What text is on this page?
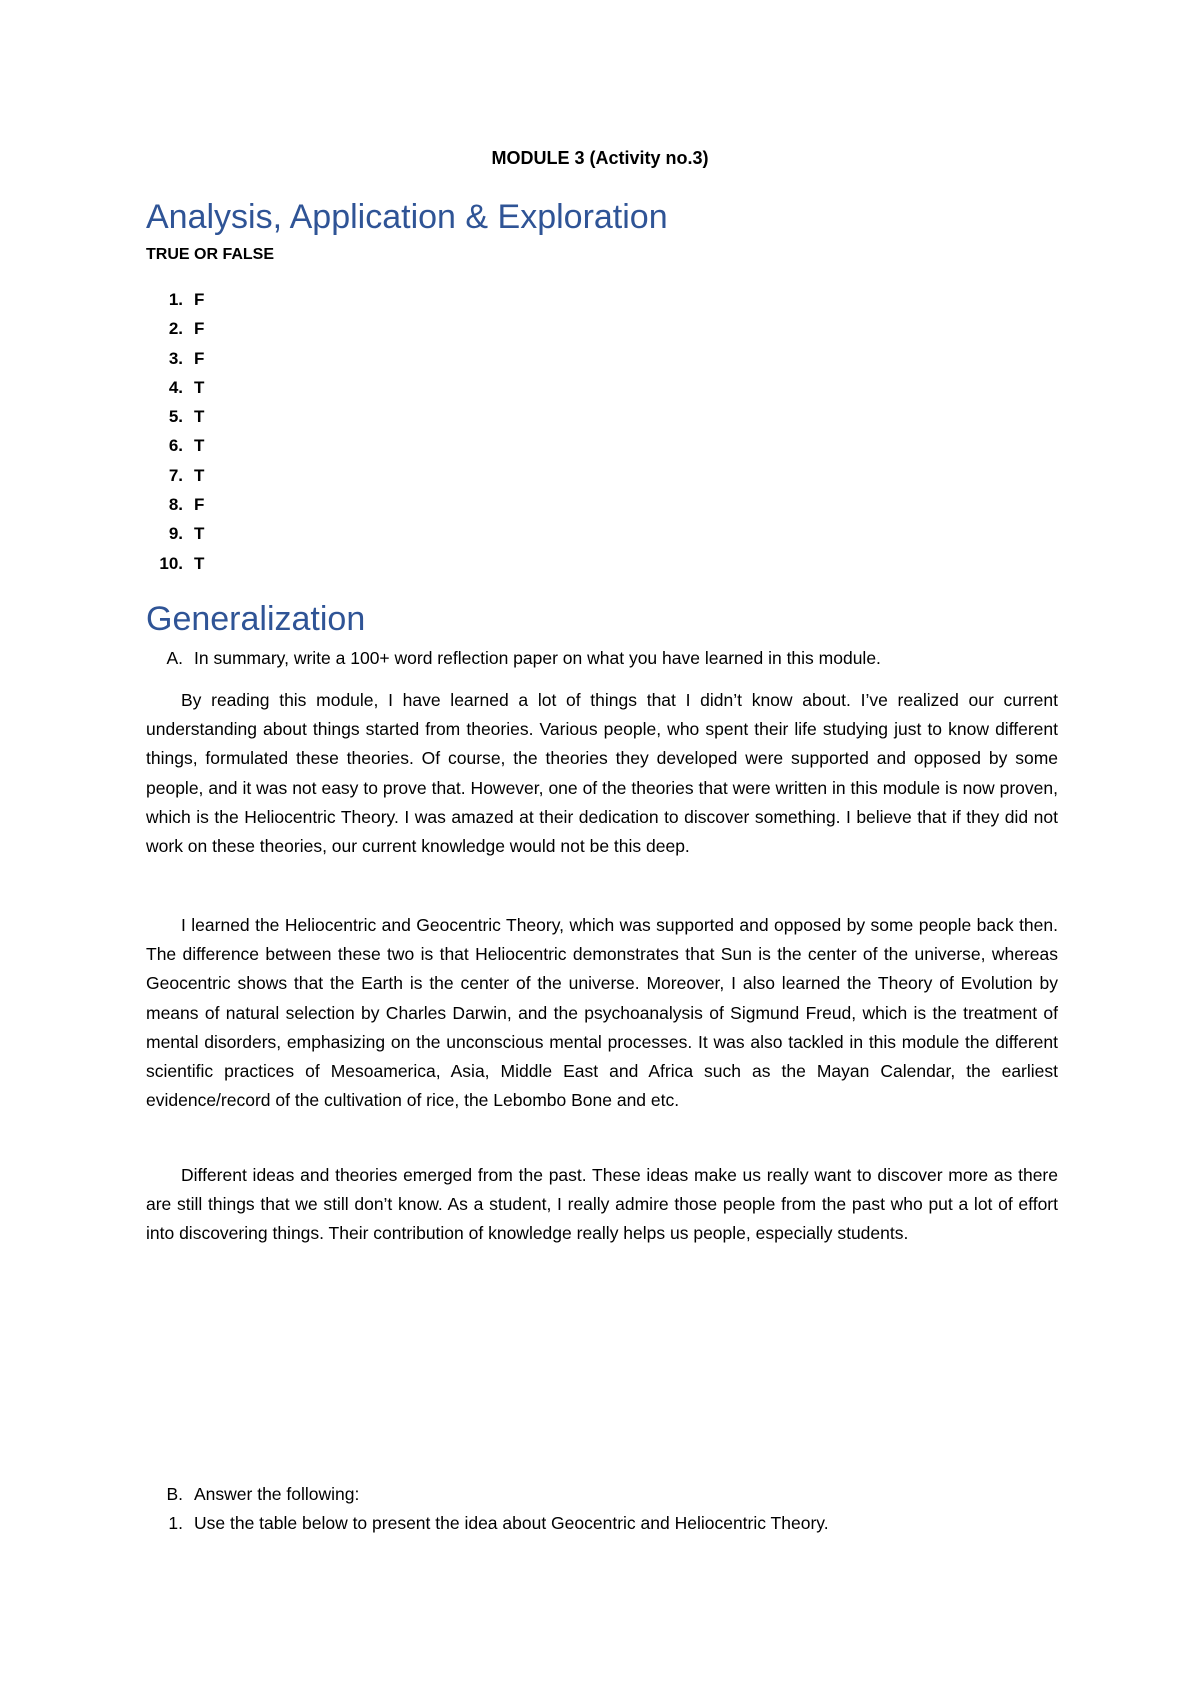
MODULE 3 (Activity no.3)
Analysis, Application & Exploration
TRUE OR FALSE
1. F
2. F
3. F
4. T
5. T
6. T
7. T
8. F
9. T
10. T
Generalization
A. In summary, write a 100+ word reflection paper on what you have learned in this module.

By reading this module, I have learned a lot of things that I didn’t know about. I’ve realized our current understanding about things started from theories. Various people, who spent their life studying just to know different things, formulated these theories. Of course, the theories they developed were supported and opposed by some people, and it was not easy to prove that. However, one of the theories that were written in this module is now proven, which is the Heliocentric Theory. I was amazed at their dedication to discover something. I believe that if they did not work on these theories, our current knowledge would not be this deep.

I learned the Heliocentric and Geocentric Theory, which was supported and opposed by some people back then. The difference between these two is that Heliocentric demonstrates that Sun is the center of the universe, whereas Geocentric shows that the Earth is the center of the universe. Moreover, I also learned the Theory of Evolution by means of natural selection by Charles Darwin, and the psychoanalysis of Sigmund Freud, which is the treatment of mental disorders, emphasizing on the unconscious mental processes. It was also tackled in this module the different scientific practices of Mesoamerica, Asia, Middle East and Africa such as the Mayan Calendar, the earliest evidence/record of the cultivation of rice, the Lebombo Bone and etc.

Different ideas and theories emerged from the past. These ideas make us really want to discover more as there are still things that we still don’t know. As a student, I really admire those people from the past who put a lot of effort into discovering things. Their contribution of knowledge really helps us people, especially students.

B. Answer the following:
1. Use the table below to present the idea about Geocentric and Heliocentric Theory.
